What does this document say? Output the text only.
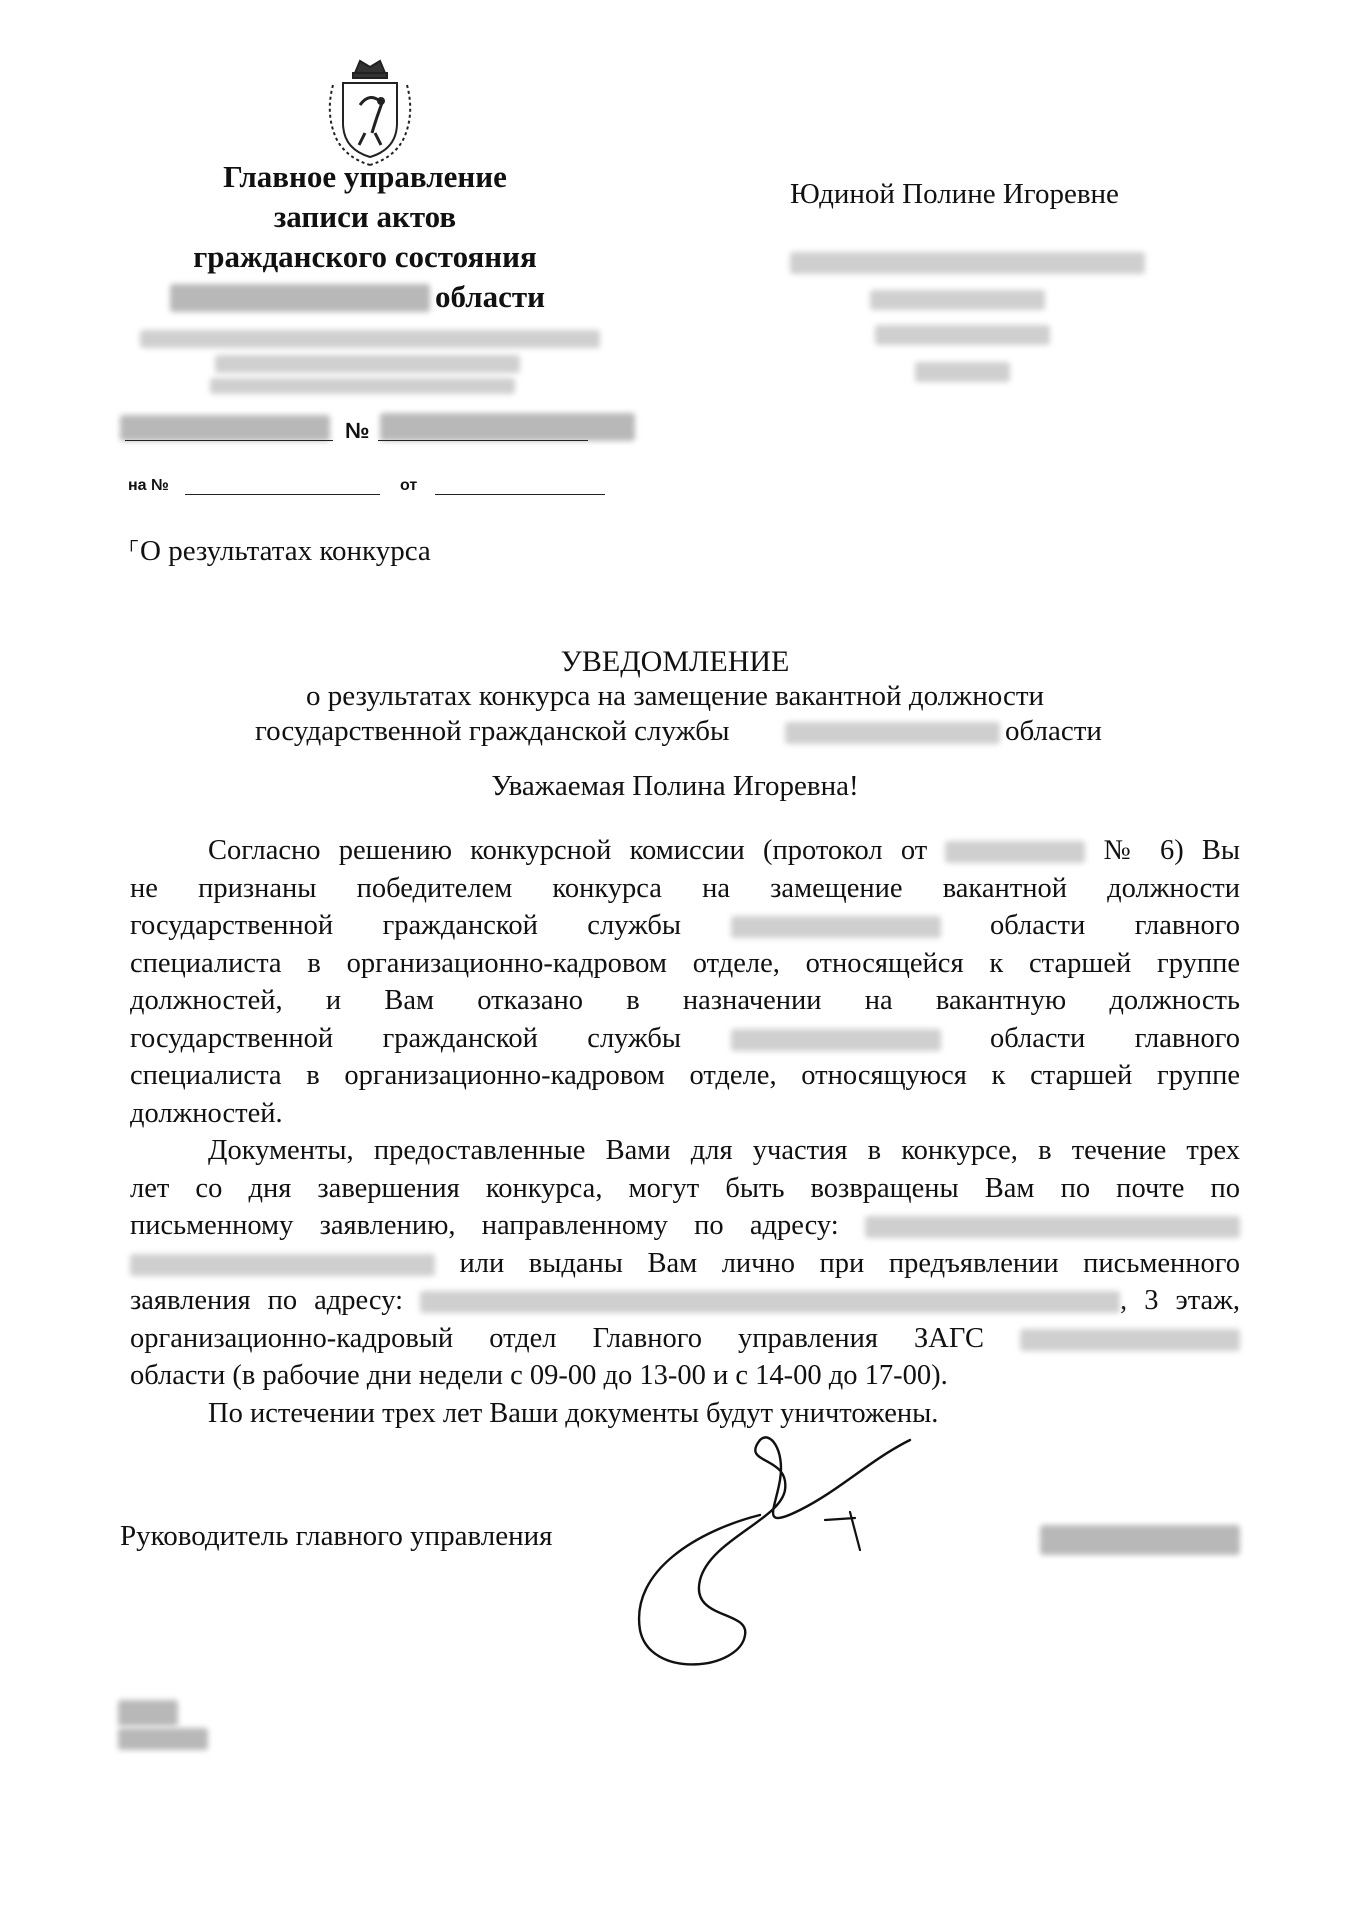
Главное управление
записи актов
гражданского состояния
области
№
на №	от
Юдиной Полине Игоревне
┌ О результатах конкурса
УВЕДОМЛЕНИЕ
о результатах конкурса на замещение вакантной должности
государственной гражданской службы	области
Уважаемая Полина Игоревна!
Согласно решению конкурсной комиссии (протокол от	№ 6) Вы
не признаны победителем конкурса на замещение вакантной должности
государственной гражданской службы	области главного
специалиста в организационно-кадровом отделе, относящейся к старшей группе
должностей, и Вам отказано в назначении на вакантную должность
государственной гражданской службы	области главного
специалиста в организационно-кадровом отделе, относящуюся к старшей группе
должностей.
Документы, предоставленные Вами для участия в конкурсе, в течение трех
лет со дня завершения конкурса, могут быть возвращены Вам по почте по
письменному заявлению, направленному по адресу:
или выданы Вам лично при предъявлении письменного
заявления по адресу:	, 3 этаж,
организационно-кадровый отдел Главного управления ЗАГС
области (в рабочие дни недели с 09-00 до 13-00 и с 14-00 до 17-00).
По истечении трех лет Ваши документы будут уничтожены.
Руководитель главного управления
